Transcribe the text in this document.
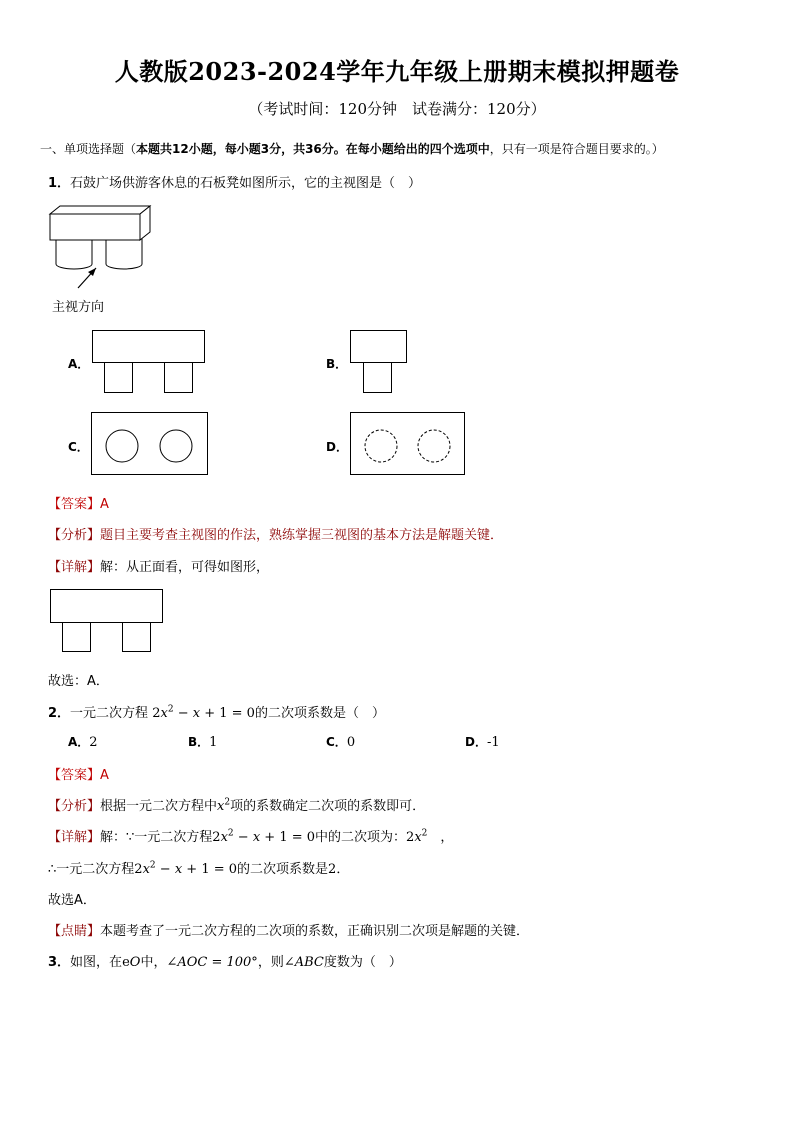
人教版2023-2024学年九年级上册期末模拟押题卷
（考试时间：120分钟　试卷满分：120分）
一、单项选择题（本题共12小题，每小题3分，共36分。在每小题给出的四个选项中，只有一项是符合题目要求的。）
1．石鼓广场供游客休息的石板凳如图所示，它的主视图是（　）
主视方向
A．	B．
C．	D．
【答案】A
【分析】题目主要考查主视图的作法，熟练掌握三视图的基本方法是解题关键．
【详解】解：从正面看，可得如图形，
故选：A．
2．一元二次方程 $2x^2 - x + 1 = 0$的二次项系数是（　）
A．2	B．1	C．0	D．-1
【答案】A
【分析】根据一元二次方程中$x^2$项的系数确定二次项的系数即可．
【详解】解：∵一元二次方程$2x^2 - x + 1 = 0$中的二次项为：$2x^2$　 ，
∴一元二次方程$2x^2 - x + 1 = 0$的二次项系数是2．
故选A．
【点睛】本题考查了一元二次方程的二次项的系数，正确识别二次项是解题的关键．
3．如图，在eO中，∠AOC = 100°，则∠ABC度数为（　）
